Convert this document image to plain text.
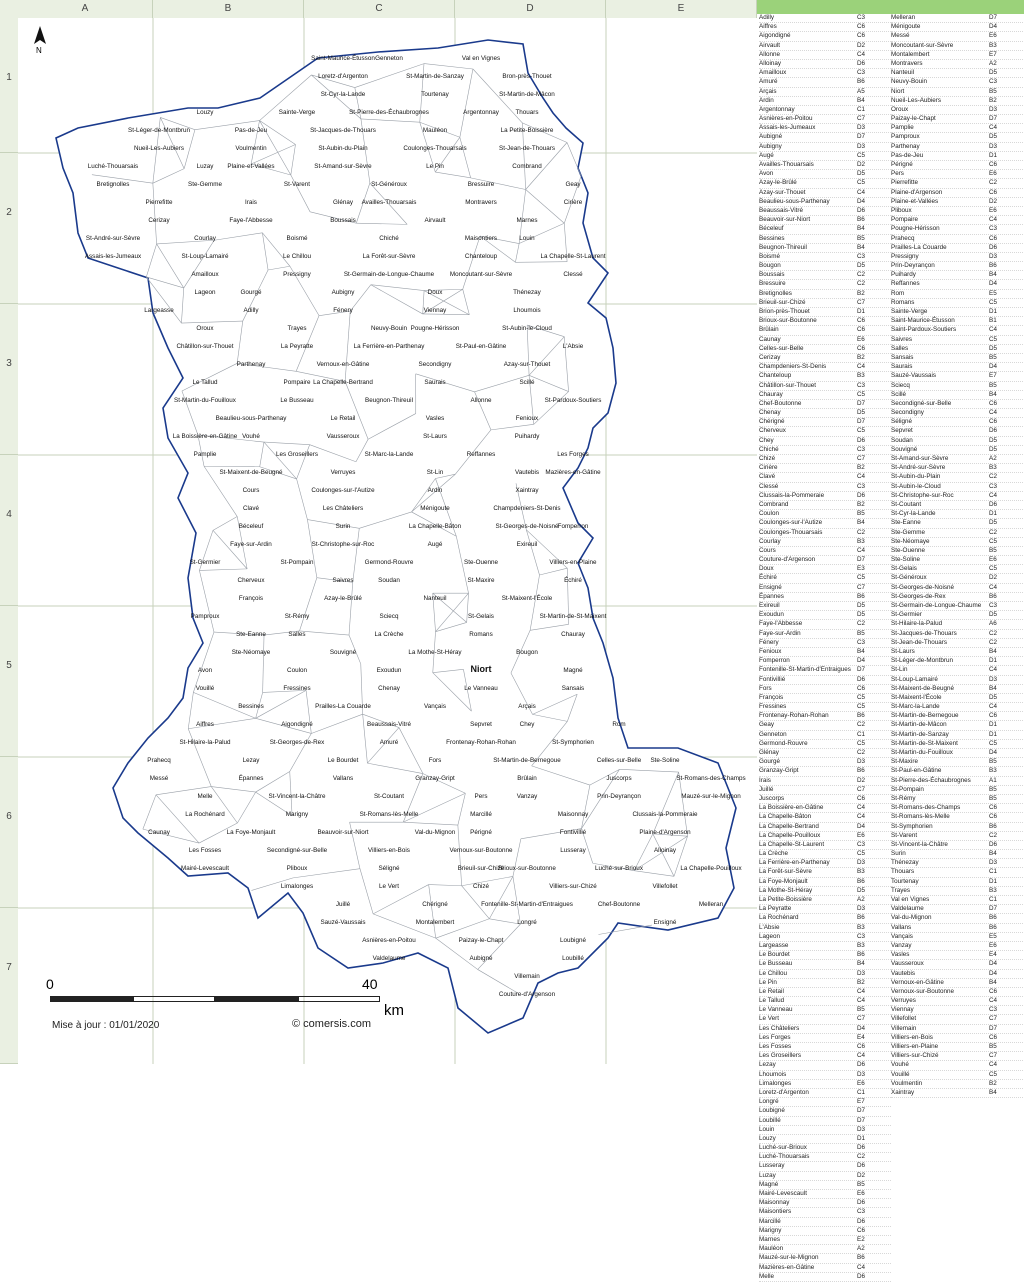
A	B	C	D	E
1
2
3
4
5
6
7
Saint-Maurice-Étusson Genneton	Val en Vignes
Loretz-d'Argenton	St-Martin-de-Sanzay	Bron-près-Thouet
St-Cyr-la-Lande	Tourtenay	St-Martin-de-Mâcon
Louzy	Sainte-Verge	St-Pierre-des-Échaubrognes	Argentonnay	Thouars
St-Léger-de-Montbrun	Pas-de-Jeu	St-Jacques-de-Thouars	Mauléon	La Petite-Boissière
Nueil-Les-Aubiers	Voulmentin	St-Aubin-du-Plain	Coulonges-Thouarsais	St-Jean-de-Thouars
Luché-Thouarsais	Luzay Plaine-et-Vallées	St-Amand-sur-Sèvre	Le Pin	Combrand
Bretignolles	Ste-Gemme	St-Varent	St-Généroux	Bressuire	Geay
Pierrefitte	Irais	Glénay Availles-Thouarsais	Montravers	Cirière
Cerizay	Faye-l'Abbesse	Boussais	Airvault	Marnes
St-André-sur-Sèvre	Courlay	Boismé	Chiché	Maisontiers	Louin
Assais-les-Jumeaux	St-Loup-Lamairé	Le Chillou	La Forêt-sur-Sèvre	Chanteloup	La Chapelle-St-Laurent
Amailloux	Pressigny	St-Germain-de-Longue-Chaume Moncoutant-sur-Sèvre	Clessé
Lageon	Gourgé	Aubigny	Doux	Thénezay
Largeasse	Adilly	Fénery	Viennay	Lhoumois
Oroux	Trayes	Neuvy-Bouin Pougne-Hérisson	St-Aubin-le-Cloud
Châtillon-sur-Thouet	La Peyratte	La Ferrière-en-Parthenay	St-Paul-en-Gâtine	L'Absie
Parthenay	Vernoux-en-Gâtine	Secondigny	Azay-sur-Thouet
Le Tallud	Pompaire La Chapelle-Bertrand	Saurais	Scillé
St-Martin-du-Fouilloux	Le Busseau	Beugnon-Thireuil	Allonne	St-Pardoux-Soutiers
Beaulieu-sous-Parthenay	Le Retail	Vasles	Fenioux
La Boissière-en-Gâtine Vouhé	Vausseroux	St-Laurs	Puihardy
Pamplie	Les Groseillers	St-Marc-la-Lande	Reffannes	Les Forges
St-Maixent-de-Beugné	Verruyes	St-Lin	Vautebis Mazières-en-Gâtine
Cours	Coulonges-sur-l'Autize	Ardin	Xaintray
Clavé	Les Châteliers	Ménigoute	Champdeniers-St-Denis
Béceleuf	Surin	La Chapelle-Bâton	St-Georges-de-Noisné Fomperron
Faye-sur-Ardin	St-Christophe-sur-Roc	Augé	Exireuil
St-Germier	St-Pompain	Germond-Rouvre	Ste-Ouenne	Villiers-en-Plaine
Cherveux	Saivres	Soudan	St-Maxire	Échiré
François	Azay-le-Brûlé	Nanteuil	St-Maixent-l'École
Pamproux	St-Rémy	Sciecq	St-Gelais	St-Martin-de-St-Maixent
Ste-Eanne	Salles	La Crèche	Romans	Chauray
Ste-Néomaye	Souvigné	La Mothe-St-Héray	Bougon
Avon	Coulon	Exoudun	Niort	Magné
Vouillé	Fressines	Chenay	Le Vanneau	Sansais
Bessines	Prailles-La Couarde	Vançais	Arçais
Aiffres	Aigondigné	Beaussais-Vitré	Sepvret	Chey	Rom
St-Hilaire-la-Palud	St-Georges-de-Rex	Amuré	Frontenay-Rohan-Rohan	St-Symphorien
Prahecq	Lezay	Le Bourdet	Fors	St-Martin-de-Bernegoue	Celles-sur-Belle Ste-Soline
Messé	Épannes	Vallans	Granzay-Gript	Brûlain	Juscorps	St-Romans-des-Champs
Melle	St-Vincent-la-Châtre	St-Coutant	Pers	Vanzay	Prin-Deyrançon	Mauzé-sur-le-Mignon
La Rochénard	Marigny	St-Romans-lès-Melle	Marcillé	Maisonnay	Clussais-la-Pommeraie
Caunay	La Foye-Monjault	Beauvoir-sur-Niort	Val-du-Mignon Périgné	Fontivillié	Plaine-d'Argenson
Les Fosses	Secondigné-sur-Belle	Villiers-en-Bois	Vernoux-sur-Boutonne	Lusseray	Alloinay
Mairé-Levescault	Pliboux	Séligné	Brieuil-sur-Chizé
Brioux-sur-Boutonne	Luché-sur-Brioux	La Chapelle-Pouilloux
Limalonges	Le Vert	Chizé	Villiers-sur-Chizé	Villefollet
Juillé	Chérigné	Fontenille-St-Martin-d'Entraigues	Chef-Boutonne	Melleran
Sauzé-Vaussais	Montalembert	Longré	Ensigné
Asnières-en-Poitou	Paizay-le-Chapt	Loubigné
Valdelaume	Aubigné	Loubillé
Villemain
Couture-d'Argenson
N
0	40
km
Mise à jour : 01/01/2020	© comersis.com
Adilly	C3
Aiffres	C6
Aigondigné	C6
Airvault	D2
Allonne	C4
Alloinay	D6
Amailloux	C3
Amuré	B6
Arçais	A5
Ardin	B4
Argentonnay	C1
Asnières-en-Poitou	C7
Assais-les-Jumeaux	D3
Aubigné	D7
Aubigny	D3
Augé	C5
Availles-Thouarsais	D2
Avon	D5
Azay-le-Brûlé	C5
Azay-sur-Thouet	C4
Beaulieu-sous-Parthenay	D4
Beaussais-Vitré	D6
Beauvoir-sur-Niort	B6
Béceleuf	B4
Bessines	B5
Beugnon-Thireuil	B4
Boismé	C3
Bougon	D5
Boussais	C2
Bressuire	C2
Bretignolles	B2
Brieuil-sur-Chizé	C7
Brion-près-Thouet	D1
Brioux-sur-Boutonne	C6
Brûlain	C6
Caunay	E6
Celles-sur-Belle	C6
Cerizay	B2
Champdeniers-St-Denis	C4
Chanteloup	B3
Châtillon-sur-Thouet	C3
Chauray	C5
Chef-Boutonne	D7
Chenay	D5
Chérigné	D7
Cherveux	C5
Chey	D6
Chiché	C3
Chizé	C7
Cirière	B2
Clavé	C4
Clessé	C3
Clussais-la-Pommeraie	D6
Combrand	B2
Coulon	B5
Coulonges-sur-l'Autize	B4
Coulonges-Thouarsais	C2
Courlay	B3
Cours	C4
Couture-d'Argenson	D7
Doux	E3
Échiré	C5
Ensigné	C7
Épannes	B6
Exireuil	D5
Exoudun	D5
Faye-l'Abbesse	C2
Faye-sur-Ardin	B5
Fénery	C3
Fenioux	B4
Fomperron	D4
Fontenille-St-Martin-d'Entraigues D7
Fontivillié	D6
Fors	C6
François	C5
Fressines	C5
Frontenay-Rohan-Rohan	B6
Geay	C2
Genneton	C1
Germond-Rouvre	C5
Glénay	C2
Gourgé	D3
Granzay-Gript	B6
Irais	D2
Juillé	C7
Juscorps	C6
La Boissière-en-Gâtine	C4
La Chapelle-Bâton	C4
La Chapelle-Bertrand	D4
La Chapelle-Pouilloux	E6
La Chapelle-St-Laurent	C3
La Crèche	C5
La Ferrière-en-Parthenay	D3
La Forêt-sur-Sèvre	B3
La Foye-Monjault	B6
La Mothe-St-Héray	D5
La Petite-Boissière	A2
La Peyratte	D3
La Rochénard	B6
L'Absie	B3
Lageon	C3
Largeasse	B3
Le Bourdet	B6
Le Busseau	B4
Le Chillou	D3
Le Pin	B2
Le Retail	C4
Le Tallud	C4
Le Vanneau	B5
Le Vert	C7
Les Châteliers	D4
Les Forges	E4
Les Fosses	C6
Les Groseillers	C4
Lezay	D6
Lhoumois	D3
Limalonges	E6
Loretz-d'Argenton	C1
Longré	E7
Loubigné	D7
Loubillé	D7
Louin	D3
Louzy	D1
Luché-sur-Brioux	D6
Luché-Thouarsais	C2
Lusseray	D6
Luzay	D2
Magné	B5
Mairé-Levescault	E6
Maisonnay	D6
Maisontiers	C3
Marcillé	D6
Marigny	C6
Marnes	E2
Mauléon	A2
Mauzé-sur-le-Mignon	B6
Mazières-en-Gâtine	C4
Melle	D6
Melleran	D7
Ménigoute	D4
Messé	E6
Moncoutant-sur-Sèvre	B3
Montalembert	E7
Montravers	A2
Nanteuil	D5
Neuvy-Bouin	C3
Niort	B5
Nueil-Les-Aubiers	B2
Oroux	D3
Paizay-le-Chapt	D7
Pamplie	C4
Pamproux	D5
Parthenay	D3
Pas-de-Jeu	D1
Périgné	C6
Pers	E6
Pierrefitte	C2
Plaine-d'Argenson	C6
Plaine-et-Vallées	D2
Pliboux	E6
Pompaire	C4
Pougne-Hérisson	C3
Prahecq	C6
Prailles-La Couarde	D6
Pressigny	D3
Prin-Deyrançon	B6
Puihardy	B4
Reffannes	D4
Rom	E5
Romans	C5
Sainte-Verge	D1
Saint-Maurice-Étusson	B1
Saint-Pardoux-Soutiers	C4
Saivres	C5
Salles	D5
Sansais	B5
Saurais	D4
Sauzé-Vaussais	E7
Sciecq	B5
Scillé	B4
Secondigné-sur-Belle	C6
Secondigny	C4
Séligné	C6
Sepvret	D6
Soudan	D5
Souvigné	D5
St-Amand-sur-Sèvre	A2
St-André-sur-Sèvre	B3
St-Aubin-du-Plain	C2
St-Aubin-le-Cloud	C3
St-Christophe-sur-Roc	C4
St-Coutant	D6
St-Cyr-la-Lande	D1
Ste-Eanne	D5
Ste-Gemme	C2
Ste-Néomaye	C5
Ste-Ouenne	B5
Ste-Soline	E6
St-Gelais	C5
St-Généroux	D2
St-Georges-de-Noisné	C4
St-Georges-de-Rex	B6
St-Germain-de-Longue-Chaume	C3
St-Germier	D5
St-Hilaire-la-Palud	A6
St-Jacques-de-Thouars	C2
St-Jean-de-Thouars	C2
St-Laurs	B4
St-Léger-de-Montbrun	D1
St-Lin	C4
St-Loup-Lamairé	D3
St-Maixent-de-Beugné	B4
St-Maixent-l'École	D5
St-Marc-la-Lande	C4
St-Martin-de-Bernegoue	C6
St-Martin-de-Mâcon	D1
St-Martin-de-Sanzay	D1
St-Martin-de-St-Maixent	C5
St-Martin-du-Fouilloux	D4
St-Maxire	B5
St-Paul-en-Gâtine	B3
St-Pierre-des-Échaubrognes	A1
St-Pompain	B5
St-Rémy	B5
St-Romans-des-Champs	C6
St-Romans-lès-Melle	C6
St-Symphorien	B6
St-Varent	C2
St-Vincent-la-Châtre	D6
Surin	B4
Thénezay	D3
Thouars	C1
Tourtenay	D1
Trayes	B3
Val en Vignes	C1
Valdelaume	D7
Val-du-Mignon	B6
Vallans	B6
Vançais	E5
Vanzay	E6
Vasles	E4
Vausseroux	D4
Vautebis	D4
Vernoux-en-Gâtine	B4
Vernoux-sur-Boutonne	C6
Verruyes	C4
Viennay	C3
Villefollet	C7
Villemain	D7
Villiers-en-Bois	C6
Villiers-en-Plaine	B5
Villiers-sur-Chizé	C7
Vouhé	C4
Vouillé	C5
Voulmentin	B2
Xaintray	B4
